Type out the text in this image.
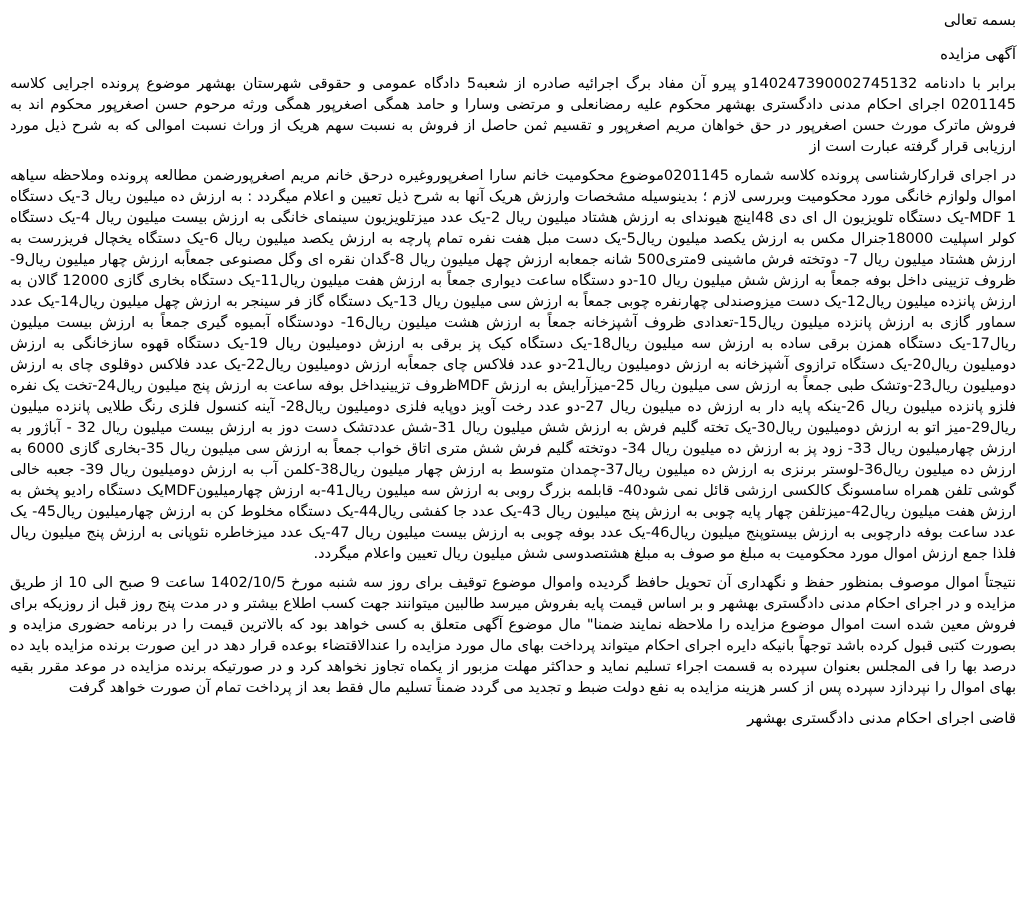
بسمه تعالی
آگهی مزایده

برابر با دادنامه 140247390002745132و پیرو آن مفاد برگ اجرائیه صادره از شعبه5 دادگاه عمومی و حقوقی شهرستان بهشهر موضوع پرونده اجرایی کلاسه 0201145 اجرای احکام مدنی دادگستری بهشهر محکوم علیه رمضانعلی و مرتضی وسارا و حامد همگی اصغرپور همگی ورثه مرحوم حسن اصغرپور محکوم اند به فروش ماترک مورث حسن اصغرپور در حق خواهان مریم اصغرپور و تقسیم ثمن حاصل از فروش به نسبت سهم هریک از وراث نسبت اموالی که به شرح ذیل مورد ارزیابی قرار گرفته عبارت است از

در اجرای قرارکارشناسی پرونده کلاسه شماره 0201145موضوع محکومیت خانم سارا اصغرپوروغیره درحق خانم مریم اصغرپورضمن مطالعه پرونده وملاحظه سیاهه اموال ولوازم خانگی مورد محکومیت وبررسی لازم ؛ بدینوسیله مشخصات وارزش هریک آنها به شرح ذیل تعیین و اعلام میگردد : به ارزش ده میلیون ریال 3-یک دستگاه MDF 1-یک دستگاه تلویزیون ال ای دی 48اینچ هیوندای به ارزش هشتاد میلیون ریال 2-یک عدد میزتلویزیون سینمای خانگی به ارزش بیست میلیون ریال 4-یک دستگاه کولر اسپلیت 18000جنرال مکس به ارزش یکصد میلیون ریال5-یک دست مبل هفت نفره تمام پارچه به ارزش یکصد میلیون ریال 6-یک دستگاه یخچال فریزرست به ارزش هشتاد میلیون ریال 7- دوتخته فرش ماشینی 9متری500 شانه جمعابه ارزش چهل میلیون ریال 8-گدان نقره ای وگل مصنوعی جمعاًبه ارزش چهار میلیون ریال9-ظروف تزیینی داخل بوفه جمعاً به ارزش شش میلیون ریال 10-دو دستگاه ساعت دیواری جمعاً به ارزش هفت میلیون ریال11-یک دستگاه بخاری گازی 12000 گالان به ارزش پانزده میلیون ریال12-یک دست میزوصندلی چهارنفره چوبی جمعاً به ارزش سی میلیون ریال 13-یک دستگاه گاز فر سینجر به ارزش چهل میلیون ریال14-یک عدد سماور گازی به ارزش پانزده میلیون ریال15-تعدادی ظروف آشپزخانه جمعاً به ارزش هشت میلیون ریال16- دودستگاه آبمیوه گیری جمعاً به ارزش بیست میلیون ریال17-یک دستگاه همزن برقی ساده به ارزش سه میلیون ریال18-یک دستگاه کیک پز برقی به ارزش دومیلیون ریال 19-یک دستگاه قهوه سازخانگی به ارزش دومیلیون ریال20-یک دستگاه ترازوی آشپزخانه به ارزش دومیلیون ریال21-دو عدد فلاکس چای جمعاًبه ارزش دومیلیون ریال22-یک عدد فلاکس دوقلوی چای به ارزش دومیلیون ریال23-وتشک طبی جمعاً به ارزش سی میلیون ریال 25-میزآرایش به ارزش MDFظروف تزیینیداخل بوفه ساعت به ارزش پنج میلیون ریال24-تخت یک نفره فلزو پانزده میلیون ریال 26-ینکه پایه دار به ارزش ده میلیون ریال 27-دو عدد رخت آویز دوپایه فلزی دومیلیون ریال28- آینه کنسول فلزی رنگ طلایی پانزده میلیون ریال29-میز اتو به ارزش دومیلیون ریال30-یک تخته گلیم فرش به ارزش شش میلیون ریال 31-شش عددتشک دست دوز به ارزش بیست میلیون ریال 32 - آباژور به ارزش چهارمیلیون ریال 33- زود پز به ارزش ده میلیون ریال 34- دوتخته گلیم فرش شش متری اتاق خواب جمعاً به ارزش سی میلیون ریال 35-بخاری گازی 6000 به ارزش ده میلیون ریال36-لوستر برنزی به ارزش ده میلیون ریال37-چمدان متوسط به ارزش چهار میلیون ریال38-کلمن آب به ارزش دومیلیون ریال 39- جعبه خالی گوشی تلفن همراه سامسونگ کالکسی ارزشی قائل نمی شود40- قابلمه بزرگ روبی به ارزش سه میلیون ریال41-به ارزش چهارمیلیونMDFیک دستگاه رادیو پخش به ارزش هفت میلیون ریال42-میزتلفن چهار پایه چوبی به ارزش پنج میلیون ریال 43-یک عدد جا کفشی ریال44-یک دستگاه مخلوط کن به ارزش چهارمیلیون ریال45- یک عدد ساعت بوفه دارچوبی به ارزش بیستوپنج میلیون ریال46-یک عدد بوفه چوبی به ارزش بیست میلیون ریال 47-یک عدد میزخاطره نئوپانی به ارزش پنج میلیون ریال فلذا جمع ارزش اموال مورد محکومیت به مبلغ مو صوف به مبلغ هشتصدوسی شش میلیون ریال تعیین واعلام میگردد.

نتیجتاً اموال موصوف بمنظور حفظ و نگهداری آن تحویل حافظ گردیده واموال موضوع توقیف برای روز سه شنبه مورخ 1402/10/5 ساعت 9 صبح الی 10 از طریق مزایده و در اجرای احکام مدنی دادگستری بهشهر و بر اساس قیمت پایه بفروش میرسد طالبین میتوانند جهت کسب اطلاع بیشتر و در مدت پنج روز قبل از روزیکه برای فروش معین شده است اموال موضوع مزایده را ملاحظه نمایند ضمنا" مال موضوع آگهی متعلق به کسی خواهد بود که بالاترین قیمت را در برنامه حضوری مزایده و بصورت کتبی قبول کرده باشد توجهاً بانیکه دایره اجرای احکام میتواند پرداخت بهای مال مورد مزایده را عندالاقتضاء بوعده قرار دهد در این صورت برنده مزایده باید ده درصد بها را فی المجلس بعنوان سپرده به قسمت اجراء تسلیم نماید و حداکثر مهلت مزبور از یکماه تجاوز نخواهد کرد و در صورتیکه برنده مزایده در موعد مقرر بقیه بهای اموال را نپردازد سپرده پس از کسر هزینه مزایده به نفع دولت ضبط و تجدید می گردد ضمناً تسلیم مال فقط بعد از پرداخت تمام آن صورت خواهد گرفت

قاضی اجرای احکام مدنی دادگستری بهشهر
